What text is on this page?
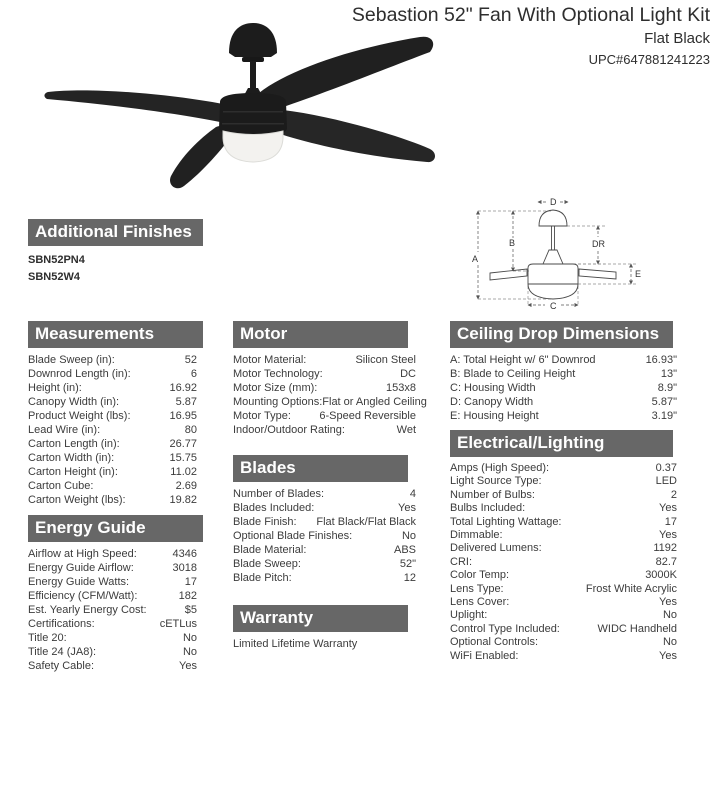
Sebastion 52" Fan With Optional Light Kit
Flat Black
UPC#647881241223
D
A
B	DR
E
C
Additional Finishes
SBN52PN4
SBN52W4
Measurements
Blade Sweep (in):	52
Downrod Length (in):	6
Height (in):	16.92
Canopy Width (in):	5.87
Product Weight (lbs):	16.95
Lead Wire (in):	80
Carton Length (in):	26.77
Carton Width (in):	15.75
Carton Height (in):	11.02
Carton Cube:	2.69
Carton Weight (lbs):	19.82
Energy Guide
Airflow at High Speed:	4346
Energy Guide Airflow:	3018
Energy Guide Watts:	17
Efficiency (CFM/Watt):	182
Est. Yearly Energy Cost:	$5
Certifications:	cETLus
Title 20:	No
Title 24 (JA8):	No
Safety Cable:	Yes
Motor
Motor Material:	Silicon Steel
Motor Technology:	DC
Motor Size (mm):	153x8
Mounting Options: Flat or Angled Ceiling
Motor Type:	6-Speed Reversible
Indoor/Outdoor Rating:	Wet
Blades
Number of Blades:	4
Blades Included:	Yes
Blade Finish: Flat Black/Flat Black
Optional Blade Finishes:	No
Blade Material:	ABS
Blade Sweep:	52"
Blade Pitch:	12
Warranty
Limited Lifetime Warranty
Ceiling Drop Dimensions
A: Total Height w/ 6" Downrod	16.93"
B: Blade to Ceiling Height	13"
C: Housing Width	8.9"
D: Canopy Width	5.87"
E: Housing Height	3.19"
Electrical/Lighting
Amps (High Speed):	0.37
Light Source Type:	LED
Number of Bulbs:	2
Bulbs Included:	Yes
Total Lighting Wattage:	17
Dimmable:	Yes
Delivered Lumens:	1192
CRI:	82.7
Color Temp:	3000K
Lens Type:	Frost White Acrylic
Lens Cover:	Yes
Uplight:	No
Control Type Included:	WIDC Handheld
Optional Controls:	No
WiFi Enabled:	Yes
